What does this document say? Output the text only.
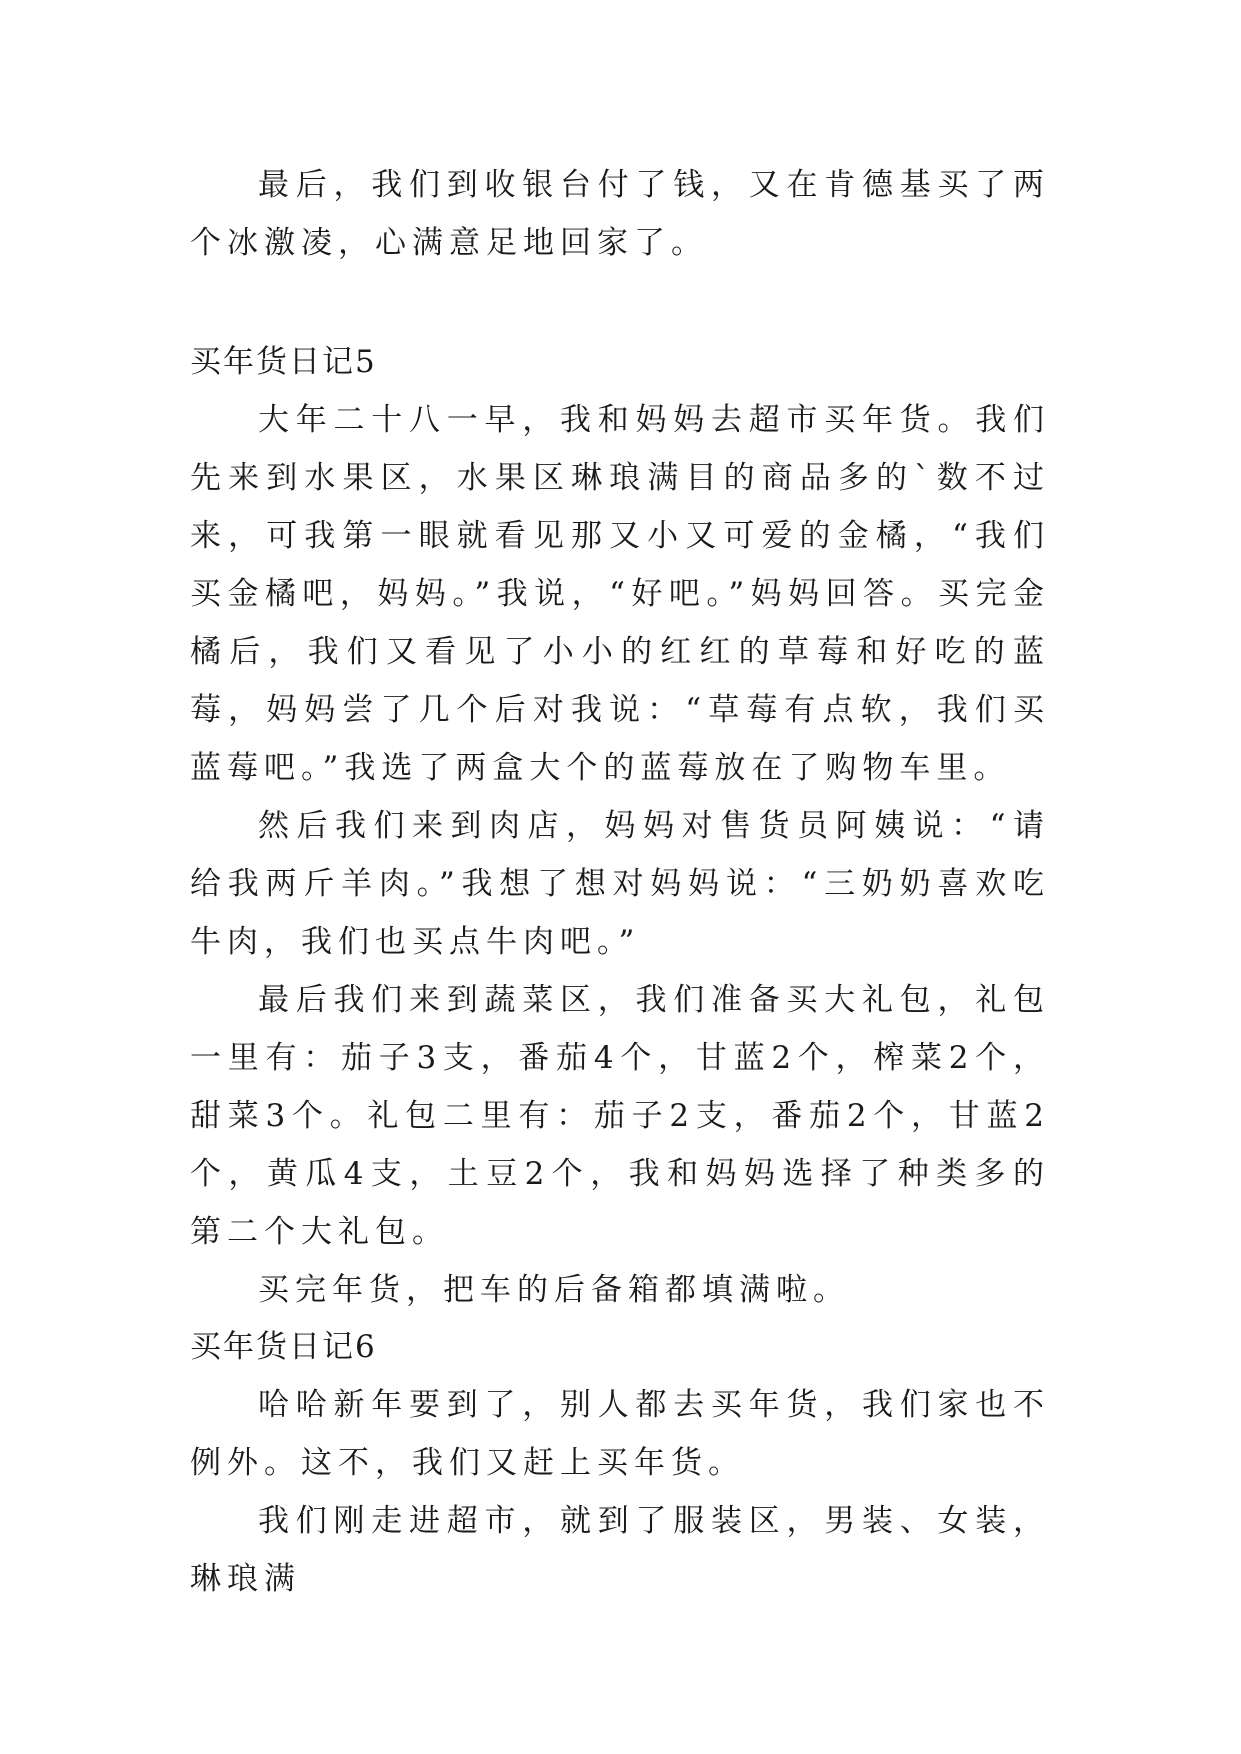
最后，我们到收银台付了钱，又在肯德基买了两个冰激凌，心满意足地回家了。

买年货日记5

大年二十八一早，我和妈妈去超市买年货。我们先来到水果区，水果区琳琅满目的商品多的`数不过来，可我第一眼就看见那又小又可爱的金橘，“我们买金橘吧，妈妈。”我说，“好吧。”妈妈回答。买完金橘后，我们又看见了小小的红红的草莓和好吃的蓝莓，妈妈尝了几个后对我说：“草莓有点软，我们买蓝莓吧。”我选了两盒大个的蓝莓放在了购物车里。

然后我们来到肉店，妈妈对售货员阿姨说：“请给我两斤羊肉。”我想了想对妈妈说：“三奶奶喜欢吃牛肉，我们也买点牛肉吧。”

最后我们来到蔬菜区，我们准备买大礼包，礼包一里有：茄子3支，番茄4个，甘蓝2个，榨菜2个，甜菜3个。礼包二里有：茄子2支，番茄2个，甘蓝2个，黄瓜4支，土豆2个，我和妈妈选择了种类多的第二个大礼包。

买完年货，把车的后备箱都填满啦。

买年货日记6

哈哈新年要到了，别人都去买年货，我们家也不例外。这不，我们又赶上买年货。

我们刚走进超市，就到了服装区，男装、女装，琳琅满
